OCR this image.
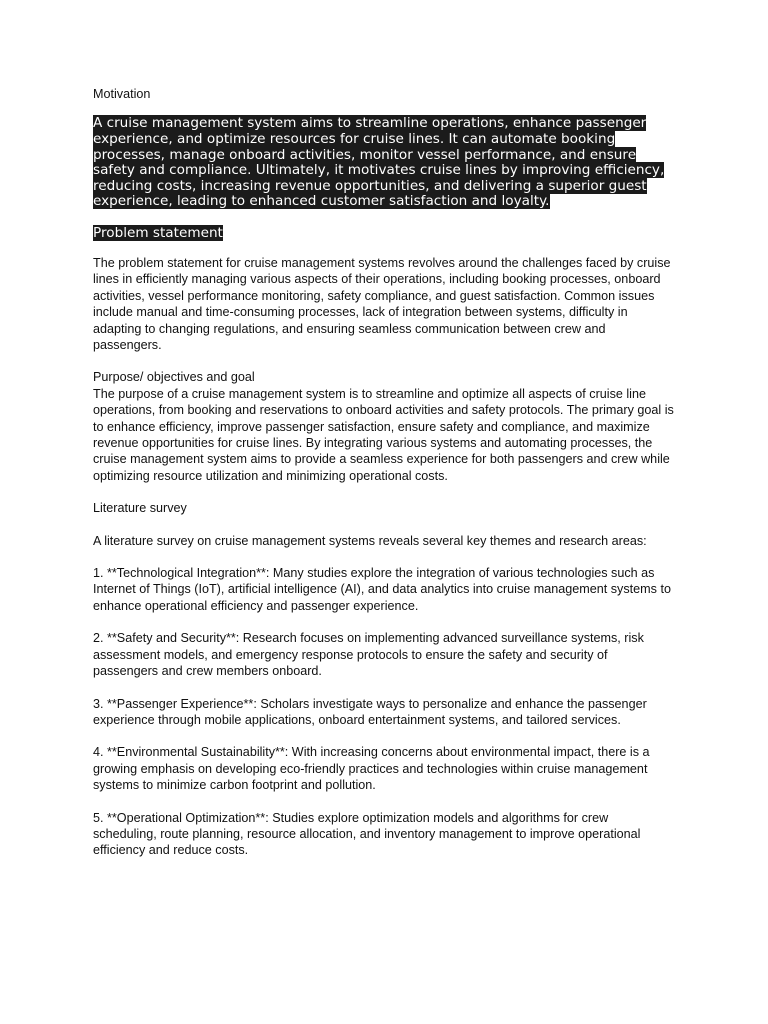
Motivation

A cruise management system aims to streamline operations, enhance passenger experience, and optimize resources for cruise lines. It can automate booking processes, manage onboard activities, monitor vessel performance, and ensure safety and compliance. Ultimately, it motivates cruise lines by improving efficiency, reducing costs, increasing revenue opportunities, and delivering a superior guest experience, leading to enhanced customer satisfaction and loyalty.

Problem statement

The problem statement for cruise management systems revolves around the challenges faced by cruise lines in efficiently managing various aspects of their operations, including booking processes, onboard activities, vessel performance monitoring, safety compliance, and guest satisfaction. Common issues include manual and time-consuming processes, lack of integration between systems, difficulty in adapting to changing regulations, and ensuring seamless communication between crew and passengers.

Purpose/ objectives and goal

The purpose of a cruise management system is to streamline and optimize all aspects of cruise line operations, from booking and reservations to onboard activities and safety protocols. The primary goal is to enhance efficiency, improve passenger satisfaction, ensure safety and compliance, and maximize revenue opportunities for cruise lines. By integrating various systems and automating processes, the cruise management system aims to provide a seamless experience for both passengers and crew while optimizing resource utilization and minimizing operational costs.

Literature survey

A literature survey on cruise management systems reveals several key themes and research areas:

1. **Technological Integration**: Many studies explore the integration of various technologies such as Internet of Things (IoT), artificial intelligence (AI), and data analytics into cruise management systems to enhance operational efficiency and passenger experience.

2. **Safety and Security**: Research focuses on implementing advanced surveillance systems, risk assessment models, and emergency response protocols to ensure the safety and security of passengers and crew members onboard.

3. **Passenger Experience**: Scholars investigate ways to personalize and enhance the passenger experience through mobile applications, onboard entertainment systems, and tailored services.

4. **Environmental Sustainability**: With increasing concerns about environmental impact, there is a growing emphasis on developing eco-friendly practices and technologies within cruise management systems to minimize carbon footprint and pollution.

5. **Operational Optimization**: Studies explore optimization models and algorithms for crew scheduling, route planning, resource allocation, and inventory management to improve operational efficiency and reduce costs.
